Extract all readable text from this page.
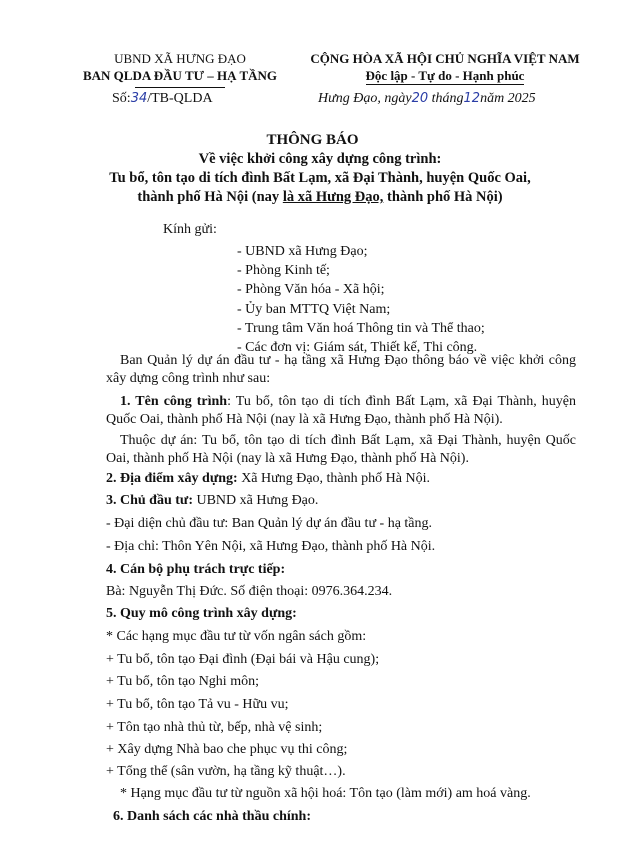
UBND XÃ HƯNG ĐẠO
BAN QLDA ĐẦU TƯ – HẠ TẦNG
Số:34/TB-QLDA
CỘNG HÒA XÃ HỘI CHỦ NGHĨA VIỆT NAM
Độc lập - Tự do - Hạnh phúc
Hưng Đạo, ngày20 tháng12năm 2025
THÔNG BÁO
Về việc khởi công xây dựng công trình:
Tu bổ, tôn tạo di tích đình Bất Lạm, xã Đại Thành, huyện Quốc Oai, thành phố Hà Nội (nay là xã Hưng Đạo, thành phố Hà Nội)
Kính gửi:
- UBND xã Hưng Đạo;
- Phòng Kinh tế;
- Phòng Văn hóa - Xã hội;
- Ủy ban MTTQ Việt Nam;
- Trung tâm Văn hoá Thông tin và Thể thao;
- Các đơn vị: Giám sát, Thiết kế, Thi công.
Ban Quản lý dự án đầu tư - hạ tầng xã Hưng Đạo thông báo về việc khởi công xây dựng công trình như sau:
1. Tên công trình: Tu bổ, tôn tạo di tích đình Bất Lạm, xã Đại Thành, huyện Quốc Oai, thành phố Hà Nội (nay là xã Hưng Đạo, thành phố Hà Nội).
Thuộc dự án: Tu bổ, tôn tạo di tích đình Bất Lạm, xã Đại Thành, huyện Quốc Oai, thành phố Hà Nội (nay là xã Hưng Đạo, thành phố Hà Nội).
2. Địa điểm xây dựng: Xã Hưng Đạo, thành phố Hà Nội.
3. Chủ đầu tư: UBND xã Hưng Đạo.
- Đại diện chủ đầu tư: Ban Quản lý dự án đầu tư - hạ tầng.
- Địa chỉ: Thôn Yên Nội, xã Hưng Đạo, thành phố Hà Nội.
4. Cán bộ phụ trách trực tiếp:
Bà: Nguyễn Thị Đức. Số điện thoại: 0976.364.234.
5. Quy mô công trình xây dựng:
* Các hạng mục đầu tư từ vốn ngân sách gồm:
+ Tu bổ, tôn tạo Đại đình (Đại bái và Hậu cung);
+ Tu bổ, tôn tạo Nghi môn;
+ Tu bổ, tôn tạo Tả vu - Hữu vu;
+ Tôn tạo nhà thủ từ, bếp, nhà vệ sinh;
+ Xây dựng Nhà bao che phục vụ thi công;
+ Tổng thể (sân vườn, hạ tầng kỹ thuật…).
* Hạng mục đầu tư từ nguồn xã hội hoá: Tôn tạo (làm mới) am hoá vàng.
6. Danh sách các nhà thầu chính:
